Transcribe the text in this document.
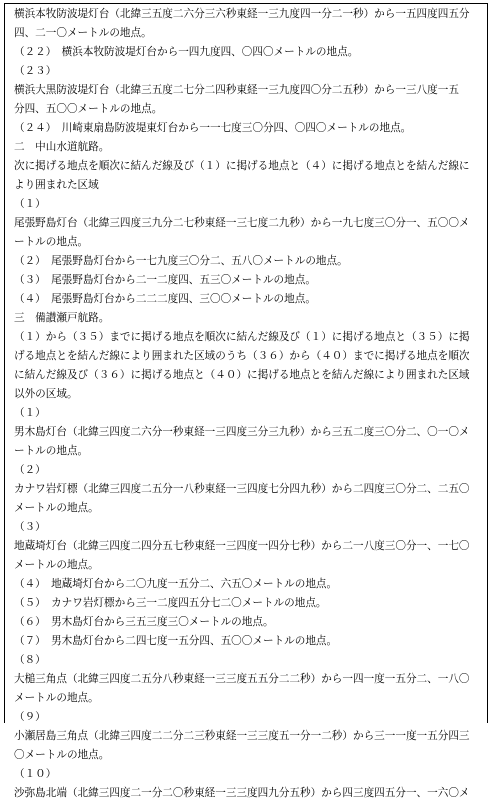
横浜本牧防波堤灯台（北緯三五度二六分三六秒東経一三九度四一分二一秒）から一五四度四五分
四、二一〇メートルの地点。
（２２）　横浜本牧防波堤灯台から一四九度四、〇四〇メートルの地点。
（２３）
横浜大黒防波堤灯台（北緯三五度二七分二四秒東経一三九度四〇分二五秒）から一三八度一五
分四、五〇〇メートルの地点。
（２４）　川崎東扇島防波堤東灯台から一一七度三〇分四、〇四〇メートルの地点。
二　中山水道航路。
次に掲げる地点を順次に結んだ線及び（１）に掲げる地点と（４）に掲げる地点とを結んだ線に
より囲まれた区域
（１）
尾張野島灯台（北緯三四度三九分二七秒東経一三七度二九秒）から一九七度三〇分一、五〇〇メ
ートルの地点。
（２）　尾張野島灯台から一七九度三〇分二、五八〇メートルの地点。
（３）　尾張野島灯台から二一二度四、五三〇メートルの地点。
（４）　尾張野島灯台から二二二度四、三〇〇メートルの地点。
三　備讃瀬戸航路。
（１）から（３５）までに掲げる地点を順次に結んだ線及び（１）に掲げる地点と（３５）に掲
げる地点とを結んだ線により囲まれた区域のうち（３６）から（４０）までに掲げる地点を順次
に結んだ線及び（３６）に掲げる地点と（４０）に掲げる地点とを結んだ線により囲まれた区域
以外の区域。
（１）
男木島灯台（北緯三四度二六分一秒東経一三四度三分三九秒）から三五二度三〇分二、〇一〇メ
ートルの地点。
（２）
カナワ岩灯標（北緯三四度二五分一八秒東経一三四度七分四九秒）から二四度三〇分二、二五〇
メートルの地点。
（３）
地蔵埼灯台（北緯三四度二四分五七秒東経一三四度一四分七秒）から二一八度三〇分一、一七〇
メートルの地点。
（４）　地蔵埼灯台から二〇九度一五分二、六五〇メートルの地点。
（５）　カナワ岩灯標から三一二度四五分七二〇メートルの地点。
（６）　男木島灯台から三五三度三〇メートルの地点。
（７）　男木島灯台から二四七度一五分四、五〇〇メートルの地点。
（８）
大槌三角点（北緯三四度二五分八秒東経一三三度五五分二二秒）から一四一度一五分二、一八〇
メートルの地点。
（９）
小瀬居島三角点（北緯三四度二二分二三秒東経一三三度五一分一二秒）から三一一度一五分四三
〇メートルの地点。
（１０）
沙弥島北端（北緯三四度二一分二〇秒東経一三三度四九分五秒）から四三度四五分一、一六〇メ
